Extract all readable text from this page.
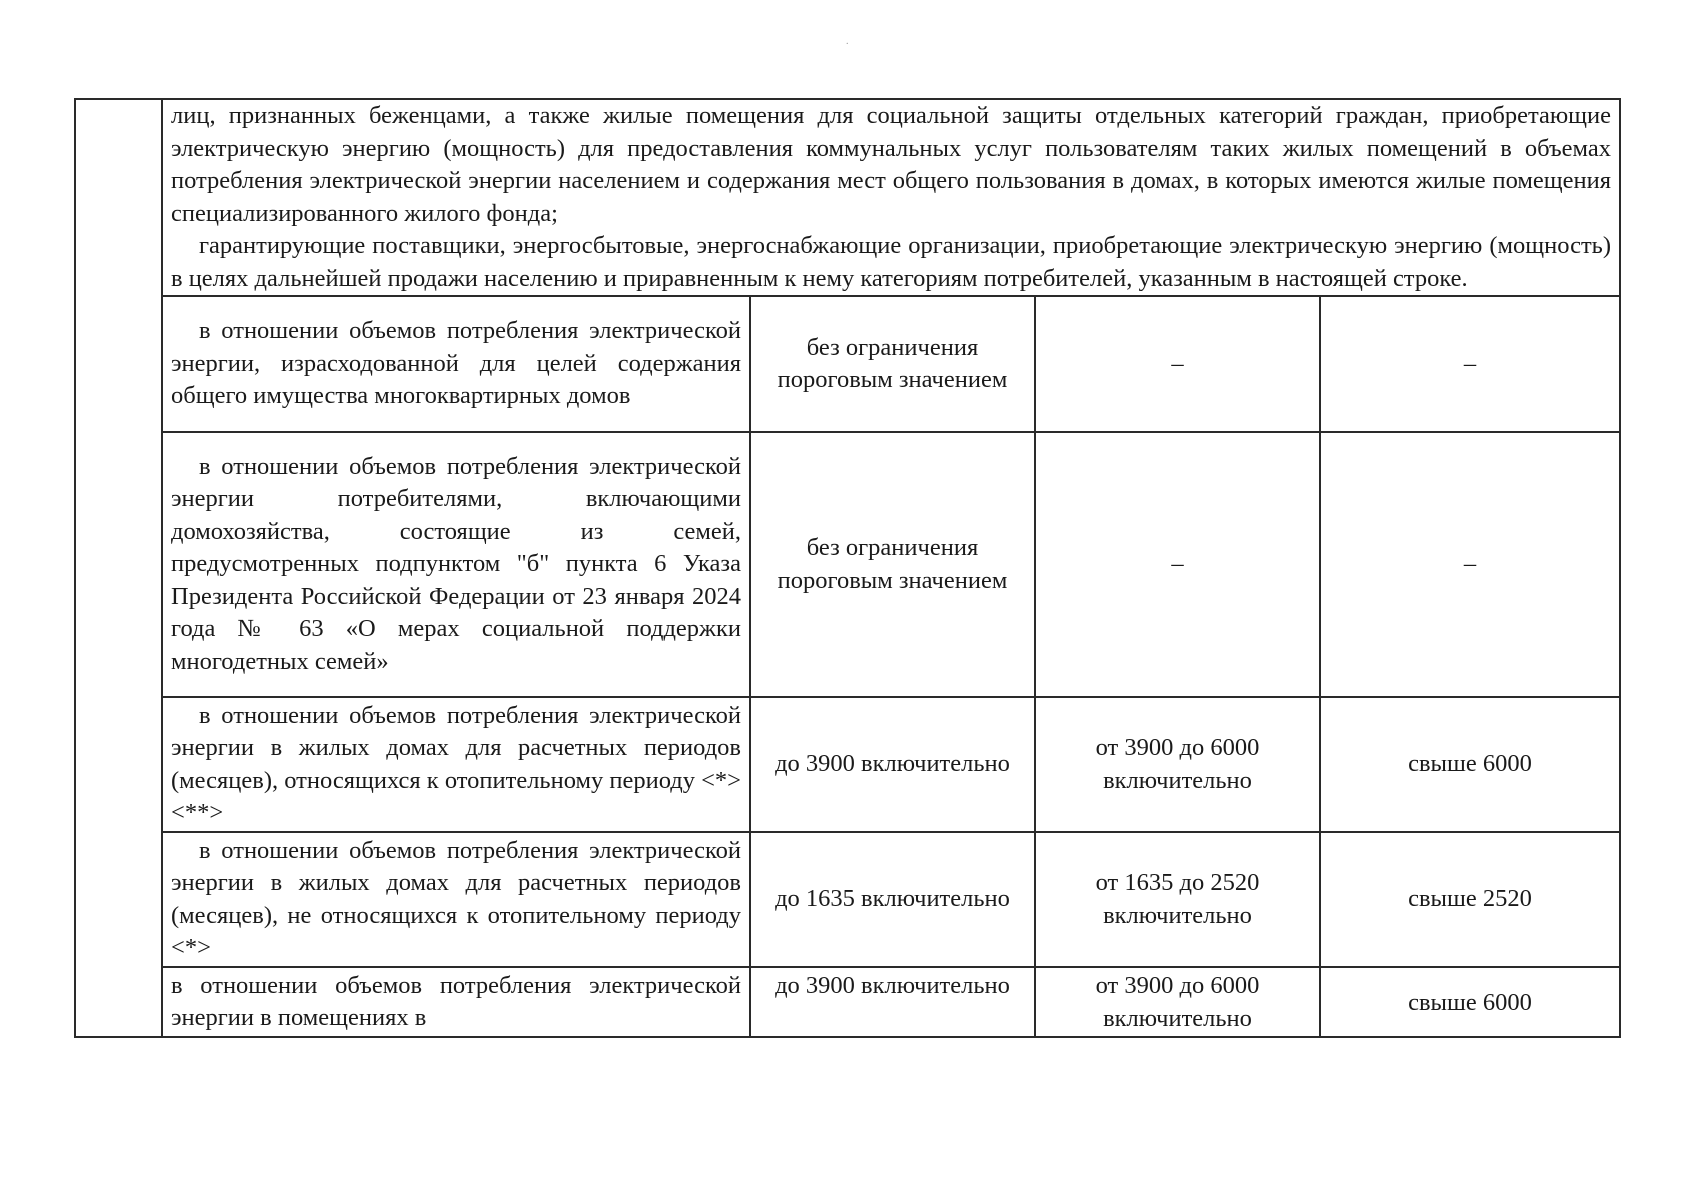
.

	лиц, признанных беженцами, а также жилые помещения для социальной защиты отдельных категорий граждан, приобретающие электрическую энергию (мощность) для предоставления коммунальных услуг пользователям таких жилых помещений в объемах потребления электрической энергии населением и содержания мест общего пользования в домах, в которых имеются жилые помещения специализированного жилого фонда;

гарантирующие поставщики, энергосбытовые, энергоснабжающие организации, приобретающие электрическую энергию (мощность) в целях дальнейшей продажи населению и приравненным к нему категориям потребителей, указанным в настоящей строке.			

	в отношении объемов потребления электрической энергии, израсходованной для целей содержания общего имущества многоквартирных домов	без ограничения пороговым значением	–	–
	в отношении объемов потребления электрической энергии потребителями, включающими домохозяйства, состоящие из семей, предусмотренных подпунктом "б" пункта 6 Указа Президента Российской Федерации от 23 января 2024 года № 63 «О мерах социальной поддержки многодетных семей»	без ограничения пороговым значением	–	–
	в отношении объемов потребления электрической энергии в жилых домах для расчетных периодов (месяцев), относящихся к отопительному периоду <*> <**>	до 3900 включительно	от 3900 до 6000 включительно	свыше 6000
	в отношении объемов потребления электрической энергии в жилых домах для расчетных периодов (месяцев), не относящихся к отопительному периоду <*>	до 1635 включительно	от 1635 до 2520 включительно	свыше 2520
	в отношении объемов потребления электрической энергии в помещениях в	до 3900 включительно	от 3900 до 6000 включительно	свыше 6000
